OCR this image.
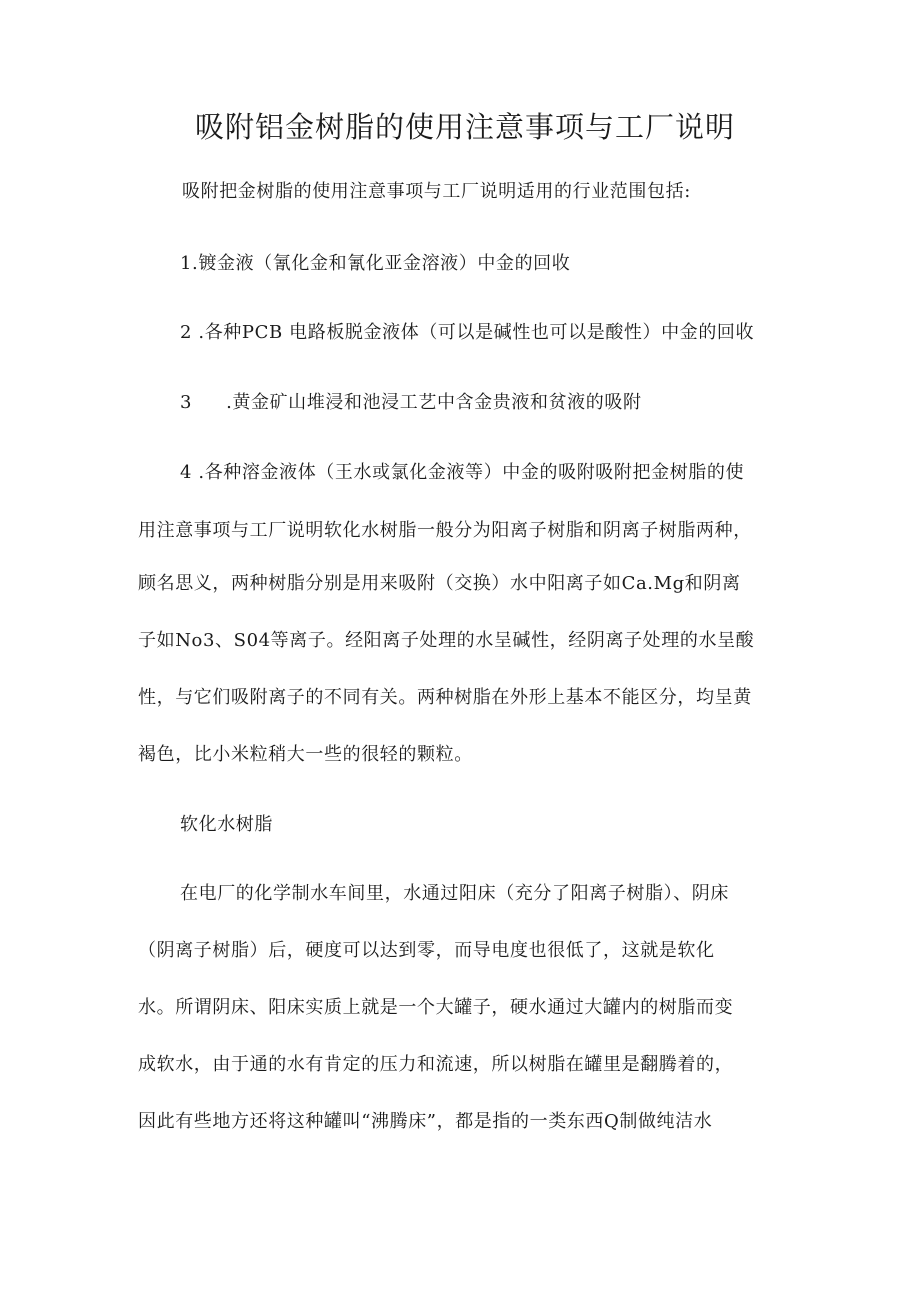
吸附铝金树脂的使用注意事项与工厂说明
吸附把金树脂的使用注意事项与工厂说明适用的行业范围包括:
1.镀金液（氰化金和氰化亚金溶液）中金的回收
2 .各种PCB 电路板脱金液体（可以是碱性也可以是酸性）中金的回收
3 .黄金矿山堆浸和池浸工艺中含金贵液和贫液的吸附
4 .各种溶金液体（王水或氯化金液等）中金的吸附吸附把金树脂的使
用注意事项与工厂说明软化水树脂一般分为阳离子树脂和阴离子树脂两种，
顾名思义，两种树脂分别是用来吸附（交换）水中阳离子如Ca.Mg和阴离
子如No3、S04等离子。经阳离子处理的水呈碱性，经阴离子处理的水呈酸
性，与它们吸附离子的不同有关。两种树脂在外形上基本不能区分，均呈黄
褐色，比小米粒稍大一些的很轻的颗粒。
软化水树脂
在电厂的化学制水车间里，水通过阳床（充分了阳离子树脂）、阴床
（阴离子树脂）后，硬度可以达到零，而导电度也很低了，这就是软化
水。所谓阴床、阳床实质上就是一个大罐子，硬水通过大罐内的树脂而变
成软水，由于通的水有肯定的压力和流速，所以树脂在罐里是翻腾着的，
因此有些地方还将这种罐叫“沸腾床”，都是指的一类东西Q制做纯洁水
